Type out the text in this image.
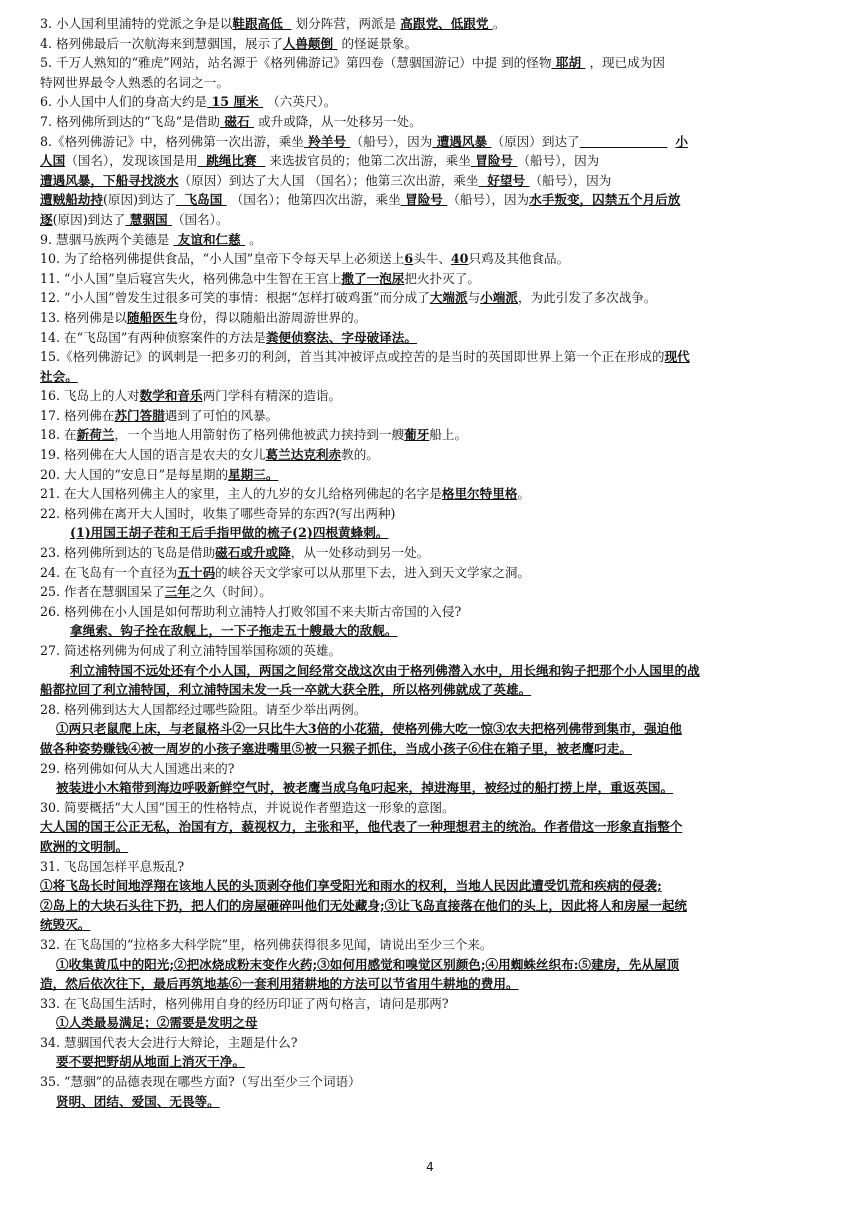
3. 小人国利里浦特的党派之争是以鞋跟高低   划分阵营，两派是 高跟党、低跟党 。
4. 格列佛最后一次航海来到慧骃国，展示了人兽颠倒  的怪诞景象。
5. 千万人熟知的“雅虎”网站，站名源于《格列佛游记》第四卷（慧骃国游记）中提 到的怪物 耶胡  ，现已成为因
特网世界最令人熟悉的名词之一。
6. 小人国中人们的身高大约是 15 厘米  （六英尺）。
7. 格列佛所到达的“飞岛”是借助 磁石  或升或降，从一处移另一处。
8.《格列佛游记》中，格列佛第一次出游，乘坐 羚羊号 （船号），因为 遭遇风暴 （原因）到达了	小
人国（国名），发现该国是用  跳绳比赛   来选拔官员的；他第二次出游，乘坐 冒险号 （船号），因为
遭遇风暴，下船寻找淡水（原因）到达了大人国 （国名）；他第三次出游，乘坐  好望号 （船号），因为
遭贼船劫持(原因)到达了  飞岛国  （国名）；他第四次出游，乘坐 冒险号 （船号），因为水手叛变，囚禁五个月后放
逐(原因)到达了 慧骃国 （国名）。
9. 慧骃马族两个美德是  友谊和仁慈  。
10. 为了给格列佛提供食品，“小人国”皇帝下令每天早上必须送上6头牛、40只鸡及其他食品。
11. “小人国”皇后寝宫失火，格列佛急中生智在王宫上撒了一泡尿把火扑灭了。
12. “小人国”曾发生过很多可笑的事情：根据“怎样打破鸡蛋”而分成了大端派与小端派，为此引发了多次战争。
13. 格列佛是以随船医生身份，得以随船出游周游世界的。
14. 在“飞岛国”有两种侦察案件的方法是粪便侦察法、字母破译法。
15.《格列佛游记》的讽刺是一把多刃的利剑，首当其冲被评点或控苦的是当时的英国即世界上第一个正在形成的现代
社会。
16. 飞岛上的人对数学和音乐两门学科有精深的造诣。
17. 格列佛在苏门答腊遇到了可怕的风暴。
18. 在新荷兰，一个当地人用箭射伤了格列佛他被武力挟持到一艘葡牙船上。
19. 格列佛在大人国的语言是农夫的女儿葛兰达克利赤教的。
20. 大人国的“安息日”是每星期的星期三。
21. 在大人国格列佛主人的家里，主人的九岁的女儿给格列佛起的名字是格里尔特里格。
22. 格列佛在离开大人国时，收集了哪些奇异的东西?(写出两种)
(1)用国王胡子茬和王后手指甲做的梳子(2)四根黄蜂刺。
23. 格列佛所到达的飞岛是借助磁石或升或降，从一处移动到另一处。
24. 在飞岛有一个直径为五十码的峡谷天文学家可以从那里下去，进入到天文学家之洞。
25. 作者在慧骃国呆了三年之久（时间）。
26. 格列佛在小人国是如何帮助利立浦特人打败邻国不来夫斯古帝国的入侵?
拿绳索、钩子拴在敌舰上，一下子拖走五十艘最大的敌舰。
27. 简述格列佛为何成了利立浦特国举国称颂的英雄。
利立浦特国不远处还有个小人国，两国之间经常交战这次由于格列佛潜入水中，用长绳和钩子把那个小人国里的战
船都拉回了利立浦特国，利立浦特国未发一兵一卒就大获全胜，所以格列佛就成了英雄。
28. 格列佛到达大人国都经过哪些险阻。请至少举出两例。
①两只老鼠爬上床，与老鼠格斗②一只比牛大3倍的小花猫，使格列佛大吃一惊③农夫把格列佛带到集市，强迫他
做各种姿势赚钱④被一周岁的小孩子塞进嘴里⑤被一只猴子抓住，当成小孩子⑥住在箱子里，被老鹰叼走。
29. 格列佛如何从大人国逃出来的?
被装进小木箱带到海边呼吸新鲜空气时，被老鹰当成乌龟叼起来，掉进海里，被经过的船打捞上岸，重返英国。
30. 简要概括“大人国”国王的性格特点，并说说作者塑造这一形象的意图。
大人国的国王公正无私，治国有方，藐视权力，主张和平，他代表了一种理想君主的统治。作者借这一形象直指整个
欧洲的文明制。
31. 飞岛国怎样平息叛乱?
①将飞岛长时间地浮翔在该地人民的头顶剥夺他们享受阳光和雨水的权利，当地人民因此遭受饥荒和疾病的侵袭;
②岛上的大块石头往下扔，把人们的房屋砸碎叫他们无处藏身;③让飞岛直接落在他们的头上，因此将人和房屋一起统
统毁灭。
32. 在飞岛国的“拉格多大科学院”里，格列佛获得很多见闻，请说出至少三个来。
①收集黄瓜中的阳光;②把冰烧成粉末变作火药;③如何用感觉和嗅觉区别颜色;④用蜘蛛丝织布:⑤建房，先从屋顶
造，然后依次往下，最后再筑地基⑥一套利用猪耕地的方法可以节省用牛耕地的费用。
33. 在飞岛国生活时，格列佛用自身的经历印证了两句格言，请问是那两?
①人类最易满足；②需要是发明之母
34. 慧骃国代表大会进行大辩论，主题是什么?
要不要把野胡从地面上消灭干净。
35. “慧骃”的品德表现在哪些方面?（写出至少三个词语）
贤明、团结、爱国、无畏等。
4
